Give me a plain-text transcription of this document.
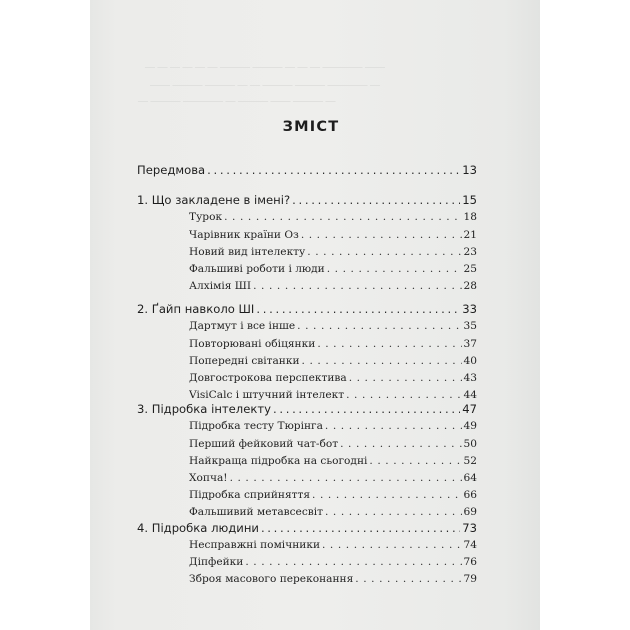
— — — — — — ——— ——— — — — ———— ——
—— ——— ——— — — ——— ——— ———— —
— ——— ———— — ——— —— ——— —
ЗМІСТ
Передмова . . .	13
1. Що закладене в імені? . . .	15
Турок . . .	18
Чарівник країни Оз . . .	21
Новий вид інтелекту . . .	23
Фальшиві роботи і люди . . .	25
Алхімія ШІ . . .	28
2. Ґайп навколо ШІ . . .	33
Дартмут і все інше . . .	35
Повторювані обіцянки . . .	37
Попередні світанки . . .	40
Довгострокова перспектива . . .	43
VisiCalc і штучний інтелект . . .	44
3. Підробка інтелекту . . .	47
Підробка тесту Тюрінга . . .	49
Перший фейковий чат-бот . . .	50
Найкраща підробка на сьогодні . . .	52
Хопча! . . .	64
Підробка сприйняття . . .	66
Фальшивий метавсесвіт . . .	69
4. Підробка людини . . .	73
Несправжні помічники . . .	74
Діпфейки . . .	76
Зброя масового переконання . . .	79
